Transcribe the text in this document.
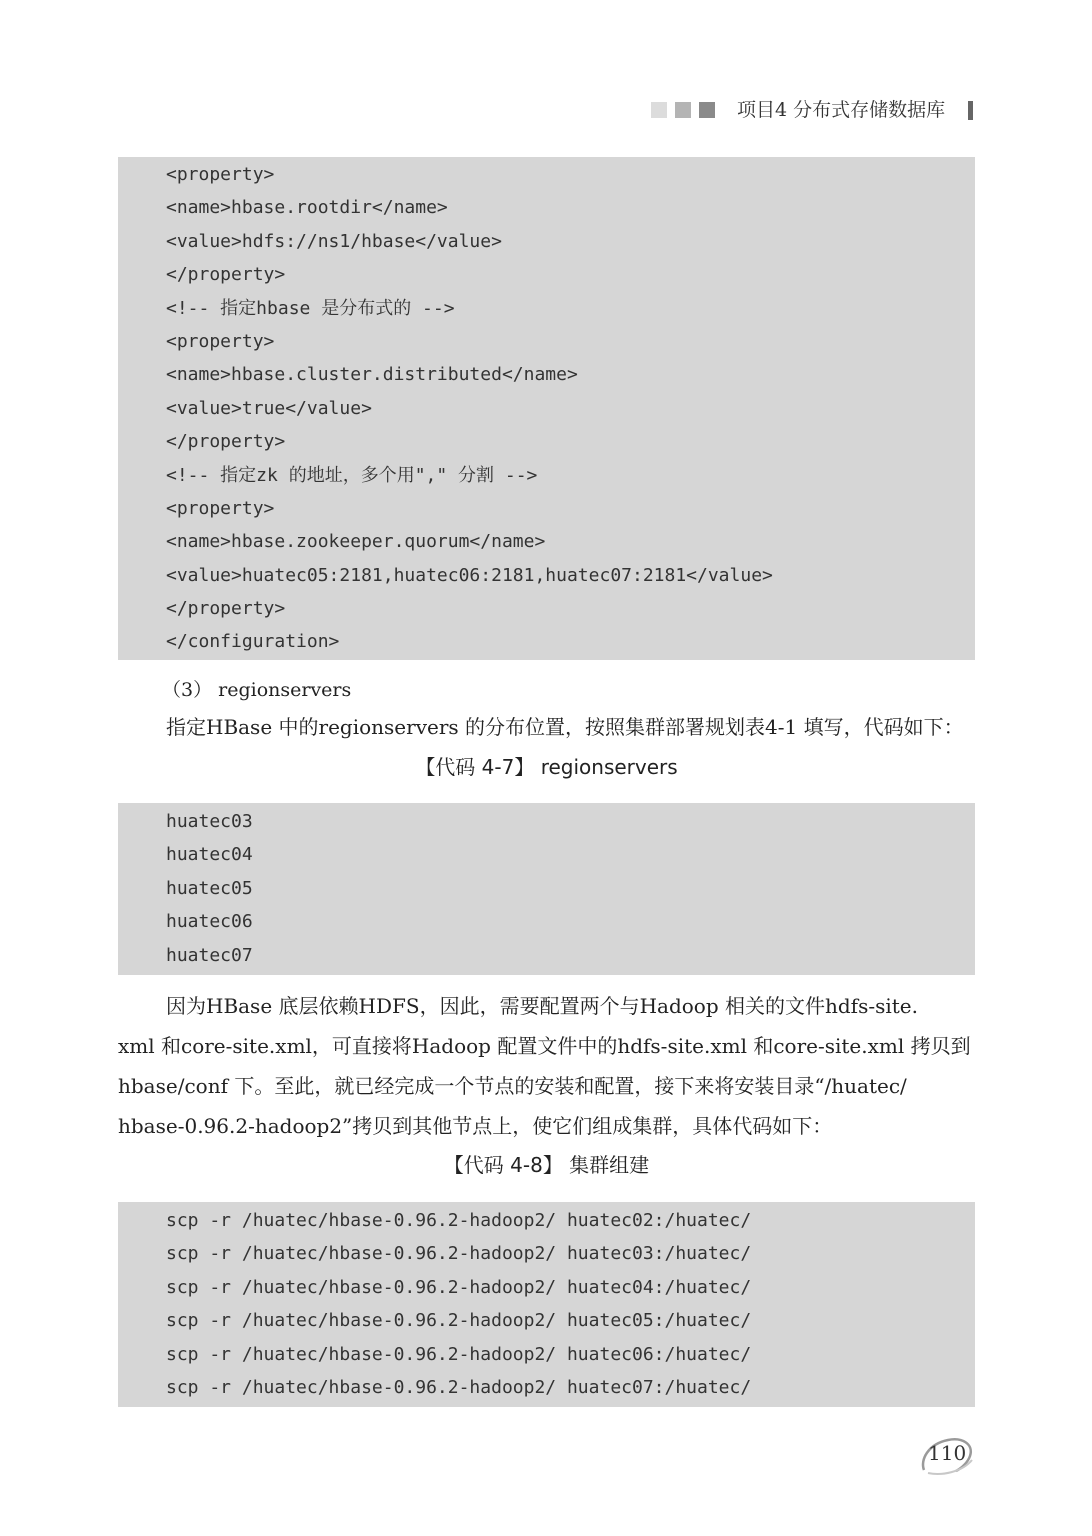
项目4 分布式存储数据库
<property>
<name>hbase.rootdir</name>
<value>hdfs://ns1/hbase</value>
</property>
<!-- 指定hbase 是分布式的 -->
<property>
<name>hbase.cluster.distributed</name>
<value>true</value>
</property>
<!-- 指定zk 的地址，多个用"," 分割 -->
<property>
<name>hbase.zookeeper.quorum</name>
<value>huatec05:2181,huatec06:2181,huatec07:2181</value>
</property>
</configuration>
（3） regionservers
指定HBase 中的regionservers 的分布位置，按照集群部署规划表4-1 填写，代码如下：
【代码 4-7】 regionservers
huatec03
huatec04
huatec05
huatec06
huatec07
因为HBase 底层依赖HDFS，因此，需要配置两个与Hadoop 相关的文件hdfs-site.
xml 和core-site.xml，可直接将Hadoop 配置文件中的hdfs-site.xml 和core-site.xml 拷贝到
hbase/conf 下。至此，就已经完成一个节点的安装和配置，接下来将安装目录“/huatec/
hbase-0.96.2-hadoop2”拷贝到其他节点上，使它们组成集群，具体代码如下：
【代码 4-8】 集群组建
scp -r /huatec/hbase-0.96.2-hadoop2/ huatec02:/huatec/
scp -r /huatec/hbase-0.96.2-hadoop2/ huatec03:/huatec/
scp -r /huatec/hbase-0.96.2-hadoop2/ huatec04:/huatec/
scp -r /huatec/hbase-0.96.2-hadoop2/ huatec05:/huatec/
scp -r /huatec/hbase-0.96.2-hadoop2/ huatec06:/huatec/
scp -r /huatec/hbase-0.96.2-hadoop2/ huatec07:/huatec/
110
